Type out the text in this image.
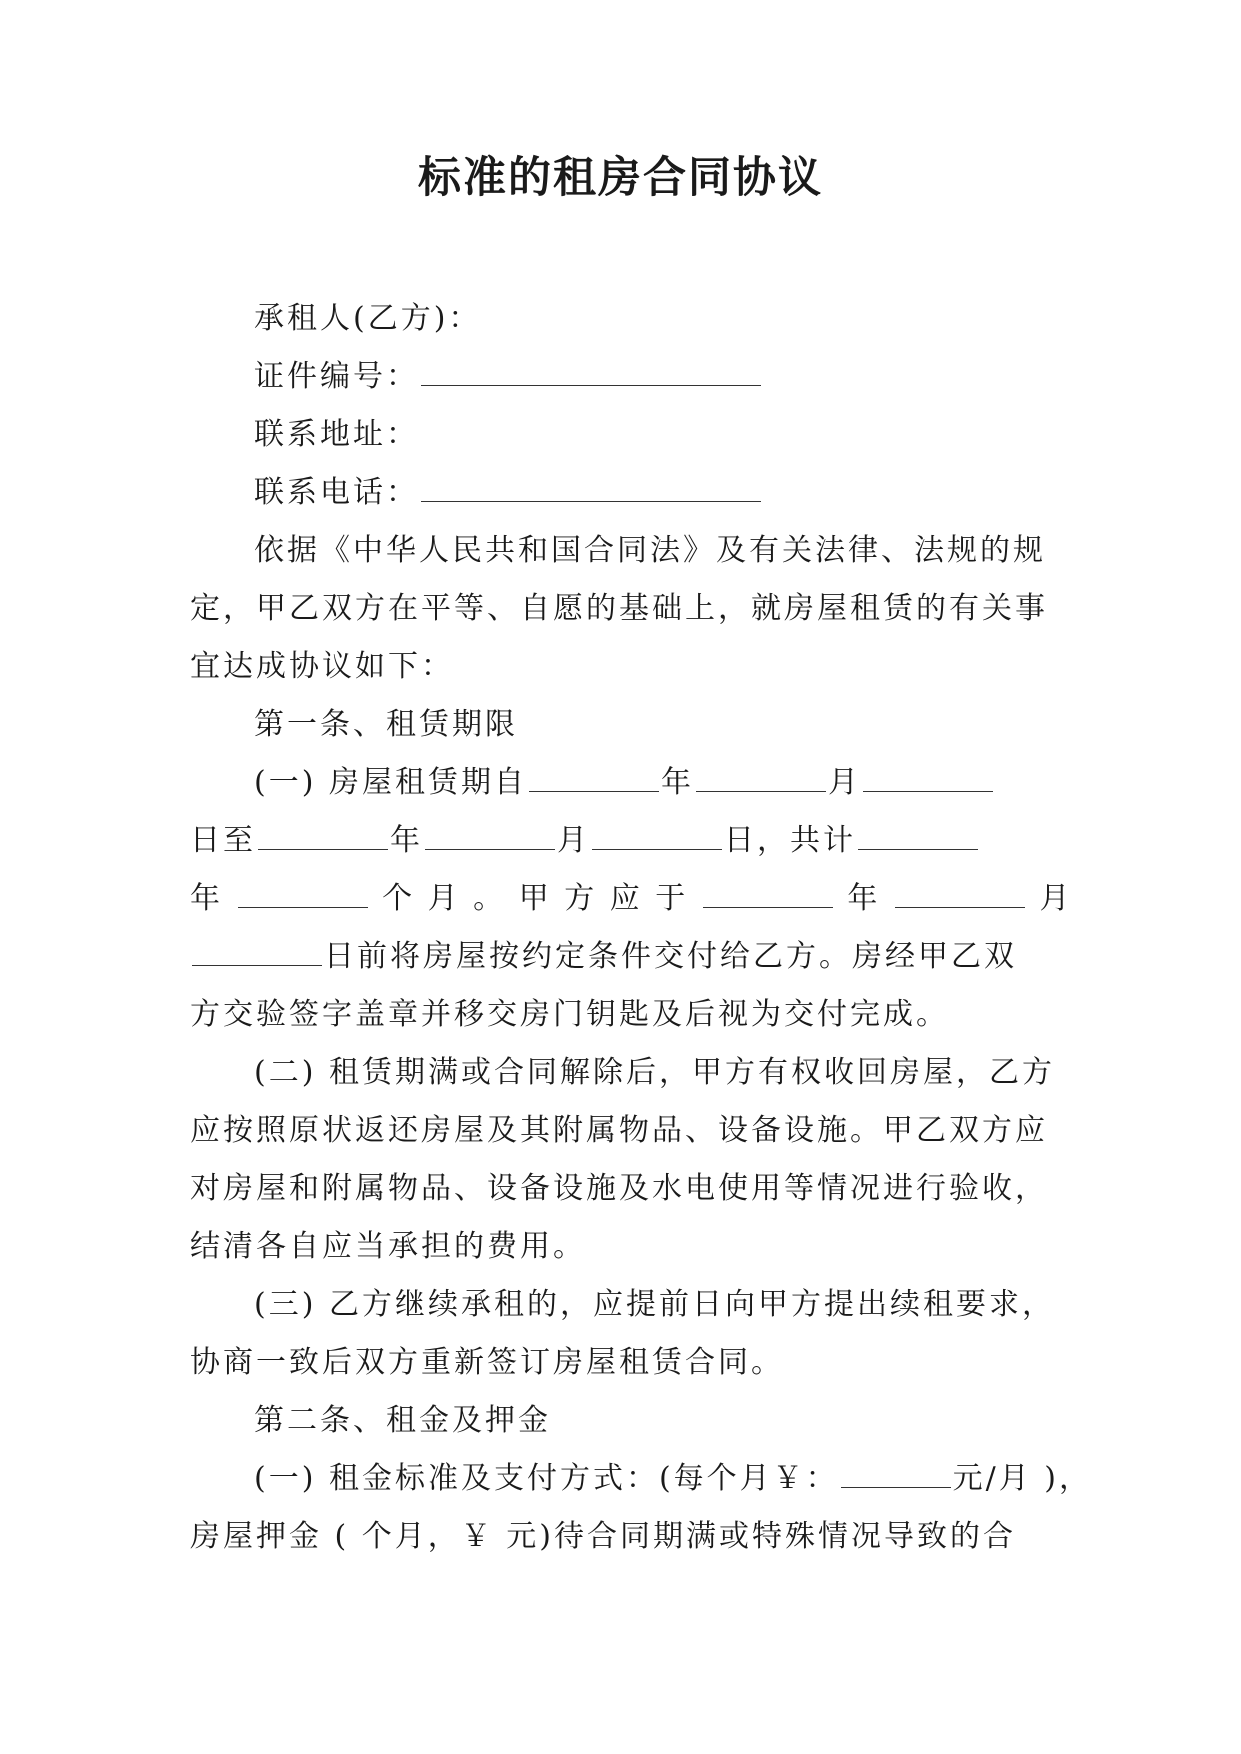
标准的租房合同协议
承租人(乙方)：
证件编号：
联系地址：
联系电话：
依据《中华人民共和国合同法》及有关法律、法规的规
定，甲乙双方在平等、自愿的基础上，就房屋租赁的有关事
宜达成协议如下：
第一条、租赁期限
(一) 房屋租赁期自	年	月
日至	年	月	日，共计
年	个 月 。 甲 方 应 于	年	月
日前将房屋按约定条件交付给乙方。房经甲乙双
方交验签字盖章并移交房门钥匙及后视为交付完成。
(二) 租赁期满或合同解除后，甲方有权收回房屋，乙方
应按照原状返还房屋及其附属物品、设备设施。甲乙双方应
对房屋和附属物品、设备设施及水电使用等情况进行验收，
结清各自应当承担的费用。
(三) 乙方继续承租的，应提前日向甲方提出续租要求，
协商一致后双方重新签订房屋租赁合同。
第二条、租金及押金
(一) 租金标准及支付方式：(每个月￥：	元/月 )，
房屋押金 ( 个月，￥ 元)待合同期满或特殊情况导致的合
